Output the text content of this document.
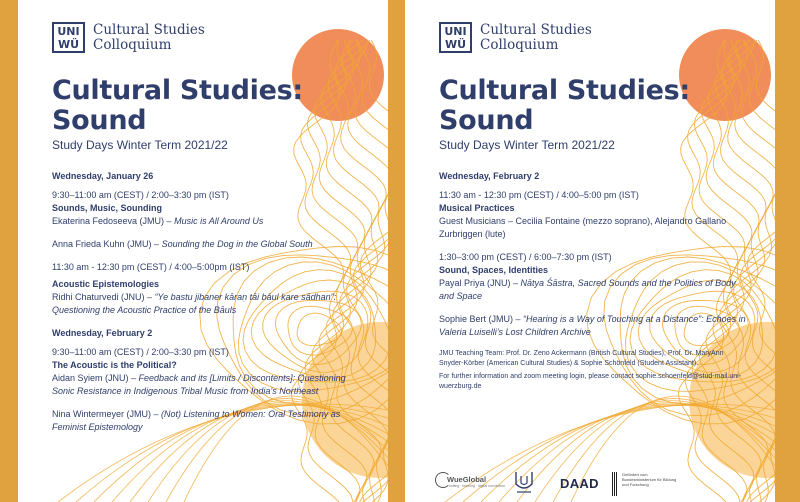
UNI
WÜ
Cultural Studies
Colloquium
Cultural Studies:
Sound
Study Days Winter Term 2021/22
Wednesday, January 26
9:30–11:00 am (CEST) / 2:00–3:30 pm (IST)
Sounds, Music, Sounding
Ekaterina Fedoseeva (JMU) – Music is All Around Us
Anna Frieda Kuhn (JMU) – Sounding the Dog in the Global South
11:30 am - 12:30 pm (CEST) / 4:00–5:00pm (IST)
Acoustic Epistemologies
Ridhi Chaturvedi (JNU) – “Ye bastu jibaner kāraṇ tāi bāul kare sādhan”: Questioning the Acoustic Practice of the Bāuls
Wednesday, February 2
9:30–11:00 am (CEST) / 2:00–3:30 pm (IST)
The Acoustic is the Political?
Aidan Syiem (JNU) – Feedback and its [Limits / Discontents]: Questioning Sonic Resistance in Indigenous Tribal Music from India’s Northeast
Nina Wintermeyer (JMU) – (Not) Listening to Women: Oral Testimony as Feminist Epistemology
UNI
WÜ
Cultural Studies
Colloquium
Cultural Studies:
Sound
Study Days Winter Term 2021/22
Wednesday, February 2
11:30 am - 12:30 pm (CEST) / 4:00–5:00 pm (IST)
Musical Practices
Guest Musicians – Cecilia Fontaine (mezzo soprano), Alejandro Gallano Zurbriggen (lute)
1:30–3:00 pm (CEST) / 6:00–7:30 pm (IST)
Sound, Spaces, Identities
Payal Priya (JNU) – Nātya Śāstra, Sacred Sounds and the Politics of Body and Space
Sophie Bert (JMU) – “Hearing is a Way of Touching at a Distance”: Echoes in Valeria Luiselli’s Lost Children Archive
JMU Teaching Team: Prof. Dr. Zeno Ackermann (British Cultural Studies), Prof. Dr. MaryAnn Snyder-Körber (American Cultural Studies) & Sophie Schönfeld (Student Assistant).
For further information and zoom meeting login, please contact sophie.schoenfeld@stud-mail.uni-wuerzburg.de
WueGlobal
uniting · learning · digital connection	DAAD
Gefördert vom Bundesministerium für Bildung und Forschung
